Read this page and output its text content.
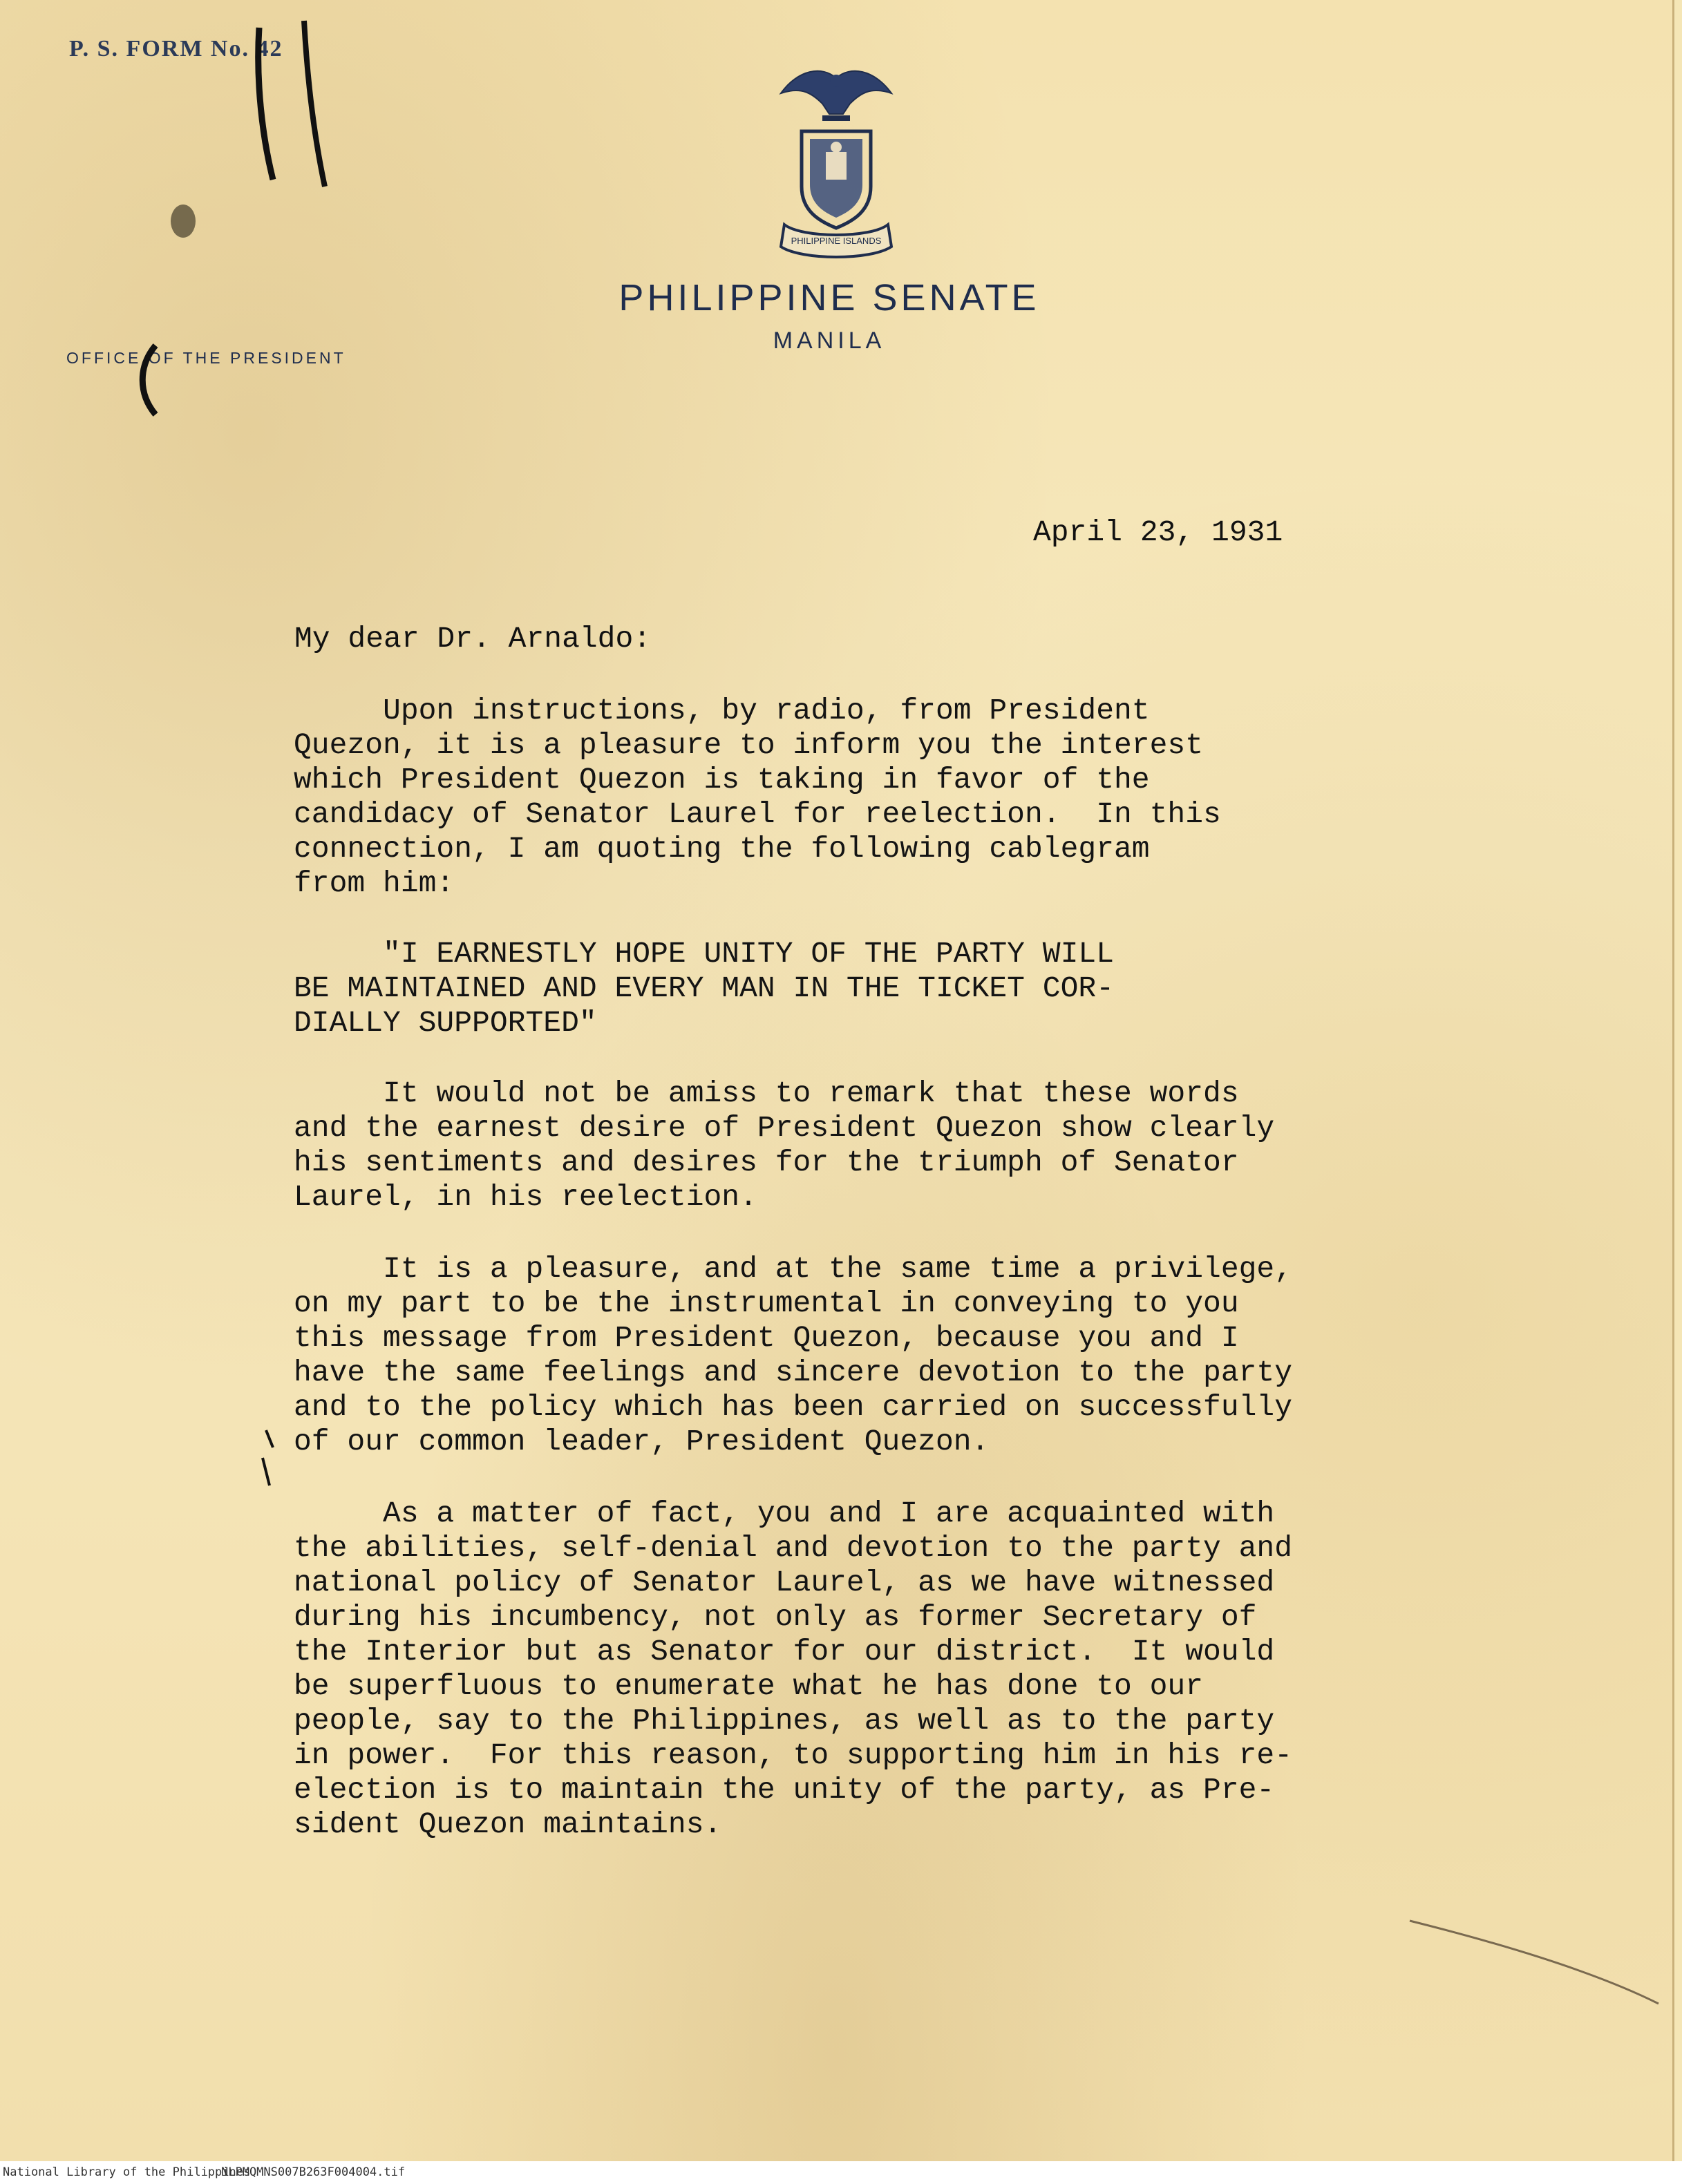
P. S. FORM No. 42
PHILIPPINE ISLANDS
OFFICE OF THE PRESIDENT
PHILIPPINE SENATE
MANILA
April 23, 1931
My dear Dr. Arnaldo:

Upon instructions, by radio, from President
Quezon, it is a pleasure to inform you the interest
which President Quezon is taking in favor of the
candidacy of Senator Laurel for reelection.  In this
connection, I am quoting the following cablegram
from him:

"I EARNESTLY HOPE UNITY OF THE PARTY WILL
BE MAINTAINED AND EVERY MAN IN THE TICKET COR-
DIALLY SUPPORTED"

It would not be amiss to remark that these words
and the earnest desire of President Quezon show clearly
his sentiments and desires for the triumph of Senator
Laurel, in his reelection.

It is a pleasure, and at the same time a privilege,
on my part to be the instrumental in conveying to you
this message from President Quezon, because you and I
have the same feelings and sincere devotion to the party
and to the policy which has been carried on successfully
of our common leader, President Quezon.

As a matter of fact, you and I are acquainted with
the abilities, self-denial and devotion to the party and
national policy of Senator Laurel, as we have witnessed
during his incumbency, not only as former Secretary of
the Interior but as Senator for our district.  It would
be superfluous to enumerate what he has done to our
people, say to the Philippines, as well as to the party
in power.  For this reason, to supporting him in his re-
election is to maintain the unity of the party, as Pre-
sident Quezon maintains.

National Library of the Philippines
NLPMQMNS007B263F004004.tif
